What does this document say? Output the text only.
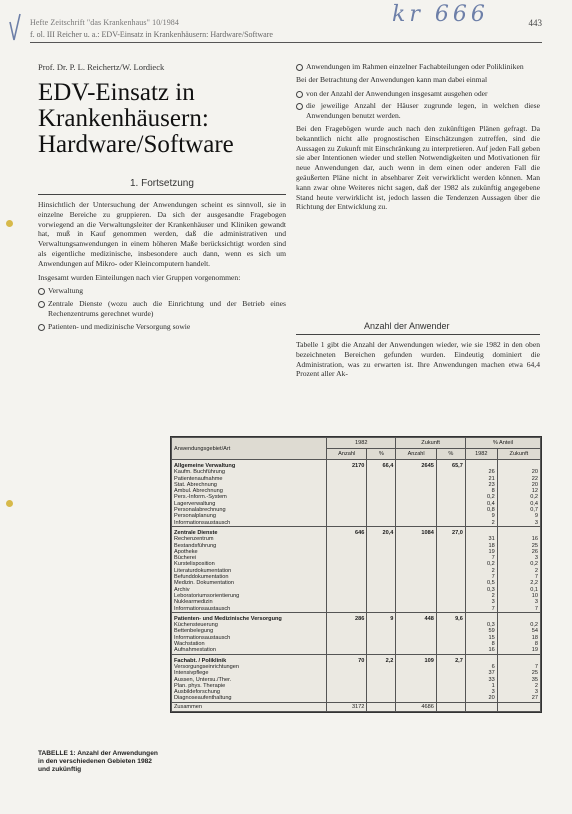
kr 666
Hefte Zeitschrift "das Krankenhaus" 10/1984
f. ol. III Reicher u. a.: EDV-Einsatz in Krankenhäusern: Hardware/Software
443
Prof. Dr. P. L. Reichertz/W. Lordieck
EDV-Einsatz in Krankenhäusern: Hardware/Software
1. Fortsetzung

Hinsichtlich der Untersuchung der Anwendungen scheint es sinnvoll, sie in einzelne Bereiche zu gruppieren. Da sich der ausgesandte Fragebogen vorwiegend an die Verwaltungsleiter der Krankenhäuser und Kliniken gewandt hat, muß in Kauf genommen werden, daß die administrativen und Verwaltungsanwendungen in einem höheren Maße berücksichtigt worden sind als eigentliche medizinische, insbesondere auch dann, wenn es sich um Anwendungen auf Mikro- oder Kleincomputern handelt.

Insgesamt wurden Einteilungen nach vier Gruppen vorgenommen:

Verwaltung
Zentrale Dienste (wozu auch die Einrichtung und der Betrieb eines Rechenzentrums gerechnet wurde)
Patienten- und medizinische Versorgung sowie
Anwendungen im Rahmen einzelner Fachabteilungen oder Polikliniken

Bei der Betrachtung der Anwendungen kann man dabei einmal

von der Anzahl der Anwendungen insgesamt ausgehen oder
die jeweilige Anzahl der Häuser zugrunde legen, in welchen diese Anwendungen benutzt werden.

Bei den Fragebögen wurde auch nach den zukünftigen Plänen gefragt. Da bekanntlich nicht alle prognostischen Einschätzungen zutreffen, sind die Aussagen zu Zukunft mit Einschränkung zu interpretieren. Auf jeden Fall geben sie aber Intentionen wieder und stellen Notwendigkeiten und Motivationen für neue Anwendungen dar, auch wenn in dem einen oder anderen Fall die geäußerten Pläne nicht in absehbarer Zeit verwirklicht werden können. Man kann zwar ohne Weiteres nicht sagen, daß der 1982 als zukünftig angegebene Stand heute verwirklicht ist, jedoch lassen die Tendenzen Aussagen über die Richtung der Entwicklung zu.

Anzahl der Anwender

Tabelle 1 gibt die Anzahl der Anwendungen wieder, wie sie 1982 in den oben bezeichneten Bereichen gefunden wurden. Eindeutig dominiert die Administration, was zu erwarten ist. Ihre Anwendungen machen etwa 64,4 Prozent aller Ak-

Anwendungsgebiet/Art	1982		Zukunft		% Anteil	
	Anzahl	%	Anzahl	%	1982	Zukunft
Allgemeine Verwaltung	2170	66,4	2645	65,7		
Kaufm. Buchführung					26	20
Patientenaufnahme					21	22
Stat. Abrechnung					23	20
Ambul. Abrechnung					8	12
Pers.-Inform.-System					0,2	0,2
Lagerverwaltung					0,4	0,4
Personalabrechnung					0,8	0,7
Personalplanung					9	9
Informationsaustausch					2	3
Zentrale Dienste	646	20,4	1084	27,0		
Rechenzentrum					31	16
Bestandsführung					18	25
Apotheke					19	26
Bücherei					7	3
Kurstelisposition					0,2	0,2
Literaturdokumentation					2	2
Befunddokumentation					7	7
Medizin. Dokumentation					0,5	2,2
Archiv					0,3	0,1
Leboratoriumsorientierung					2	10
Nuklearmedizin					3	3
Informationsaustausch					7	7
Patienten- und Medizinische Versorgung	286	9	448	9,6		
Küchensteuerung					0,3	0,2
Bettenbelegung					59	54
Informationsaustausch					15	18
Wachstation					8	8
Aufnahmestation					16	19
Fachabt. / Poliklinik	70	2,2	109	2,7		
Versorgungseinrichtungen					6	7
Intensivpflege					37	25
Aussen, Untersu./Ther.					33	35
Plan. phys. Therapie					1	2
Ausbildeforschung					3	3
Diagnoseaufenthaltung					20	27
Zusammen	3172		4686			
TABELLE 1: Anzahl der Anwendungen in den verschiedenen Gebieten 1982 und zukünftig
